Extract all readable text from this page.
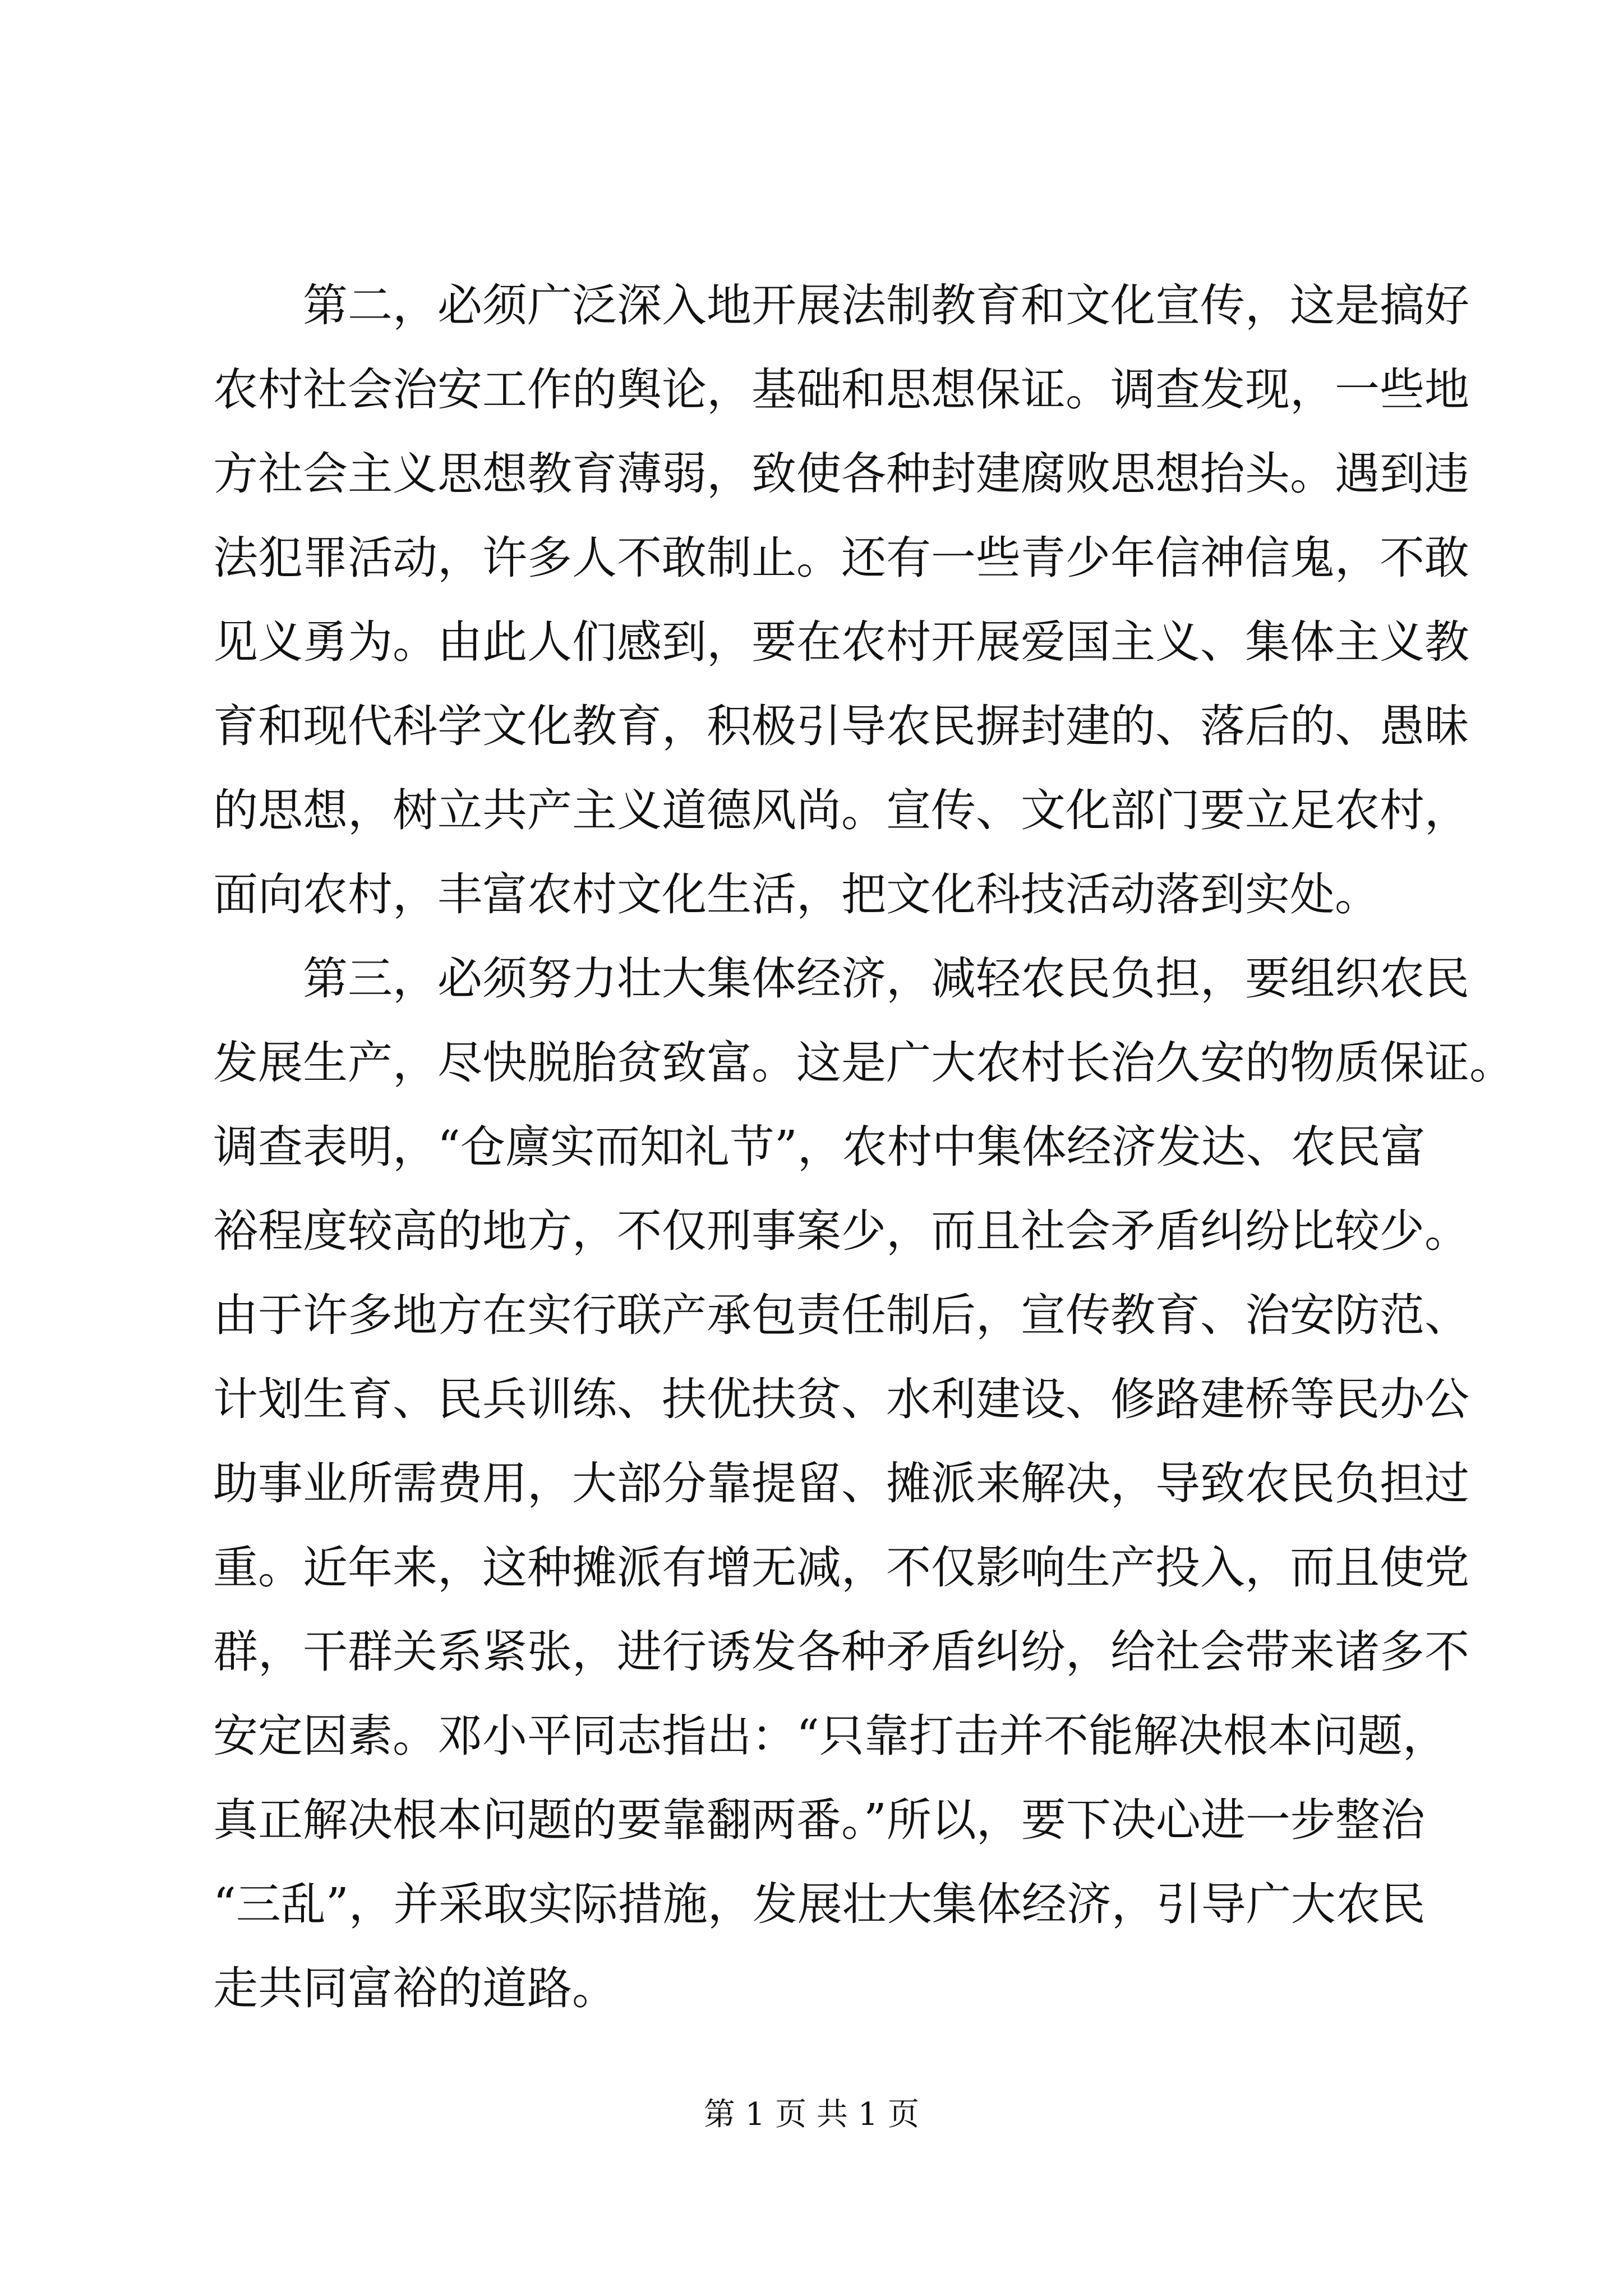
第二，必须广泛深入地开展法制教育和文化宣传，这是搞好
农村社会治安工作的舆论，基础和思想保证。调查发现，一些地
方社会主义思想教育薄弱，致使各种封建腐败思想抬头。遇到违
法犯罪活动，许多人不敢制止。还有一些青少年信神信鬼，不敢
见义勇为。由此人们感到，要在农村开展爱国主义、集体主义教
育和现代科学文化教育，积极引导农民摒封建的、落后的、愚昧
的思想，树立共产主义道德风尚。宣传、文化部门要立足农村，
面向农村，丰富农村文化生活，把文化科技活动落到实处。
第三，必须努力壮大集体经济，减轻农民负担，要组织农民
发展生产，尽快脱胎贫致富。这是广大农村长治久安的物质保证。
调查表明，“仓廪实而知礼节”，农村中集体经济发达、农民富
裕程度较高的地方，不仅刑事案少，而且社会矛盾纠纷比较少。
由于许多地方在实行联产承包责任制后，宣传教育、治安防范、
计划生育、民兵训练、扶优扶贫、水利建设、修路建桥等民办公
助事业所需费用，大部分靠提留、摊派来解决，导致农民负担过
重。近年来，这种摊派有增无减，不仅影响生产投入，而且使党
群，干群关系紧张，进行诱发各种矛盾纠纷，给社会带来诸多不
安定因素。邓小平同志指出：“只靠打击并不能解决根本问题，
真正解决根本问题的要靠翻两番。”所以，要下决心进一步整治
“三乱”，并采取实际措施，发展壮大集体经济，引导广大农民
走共同富裕的道路。
第 1 页 共 1 页
